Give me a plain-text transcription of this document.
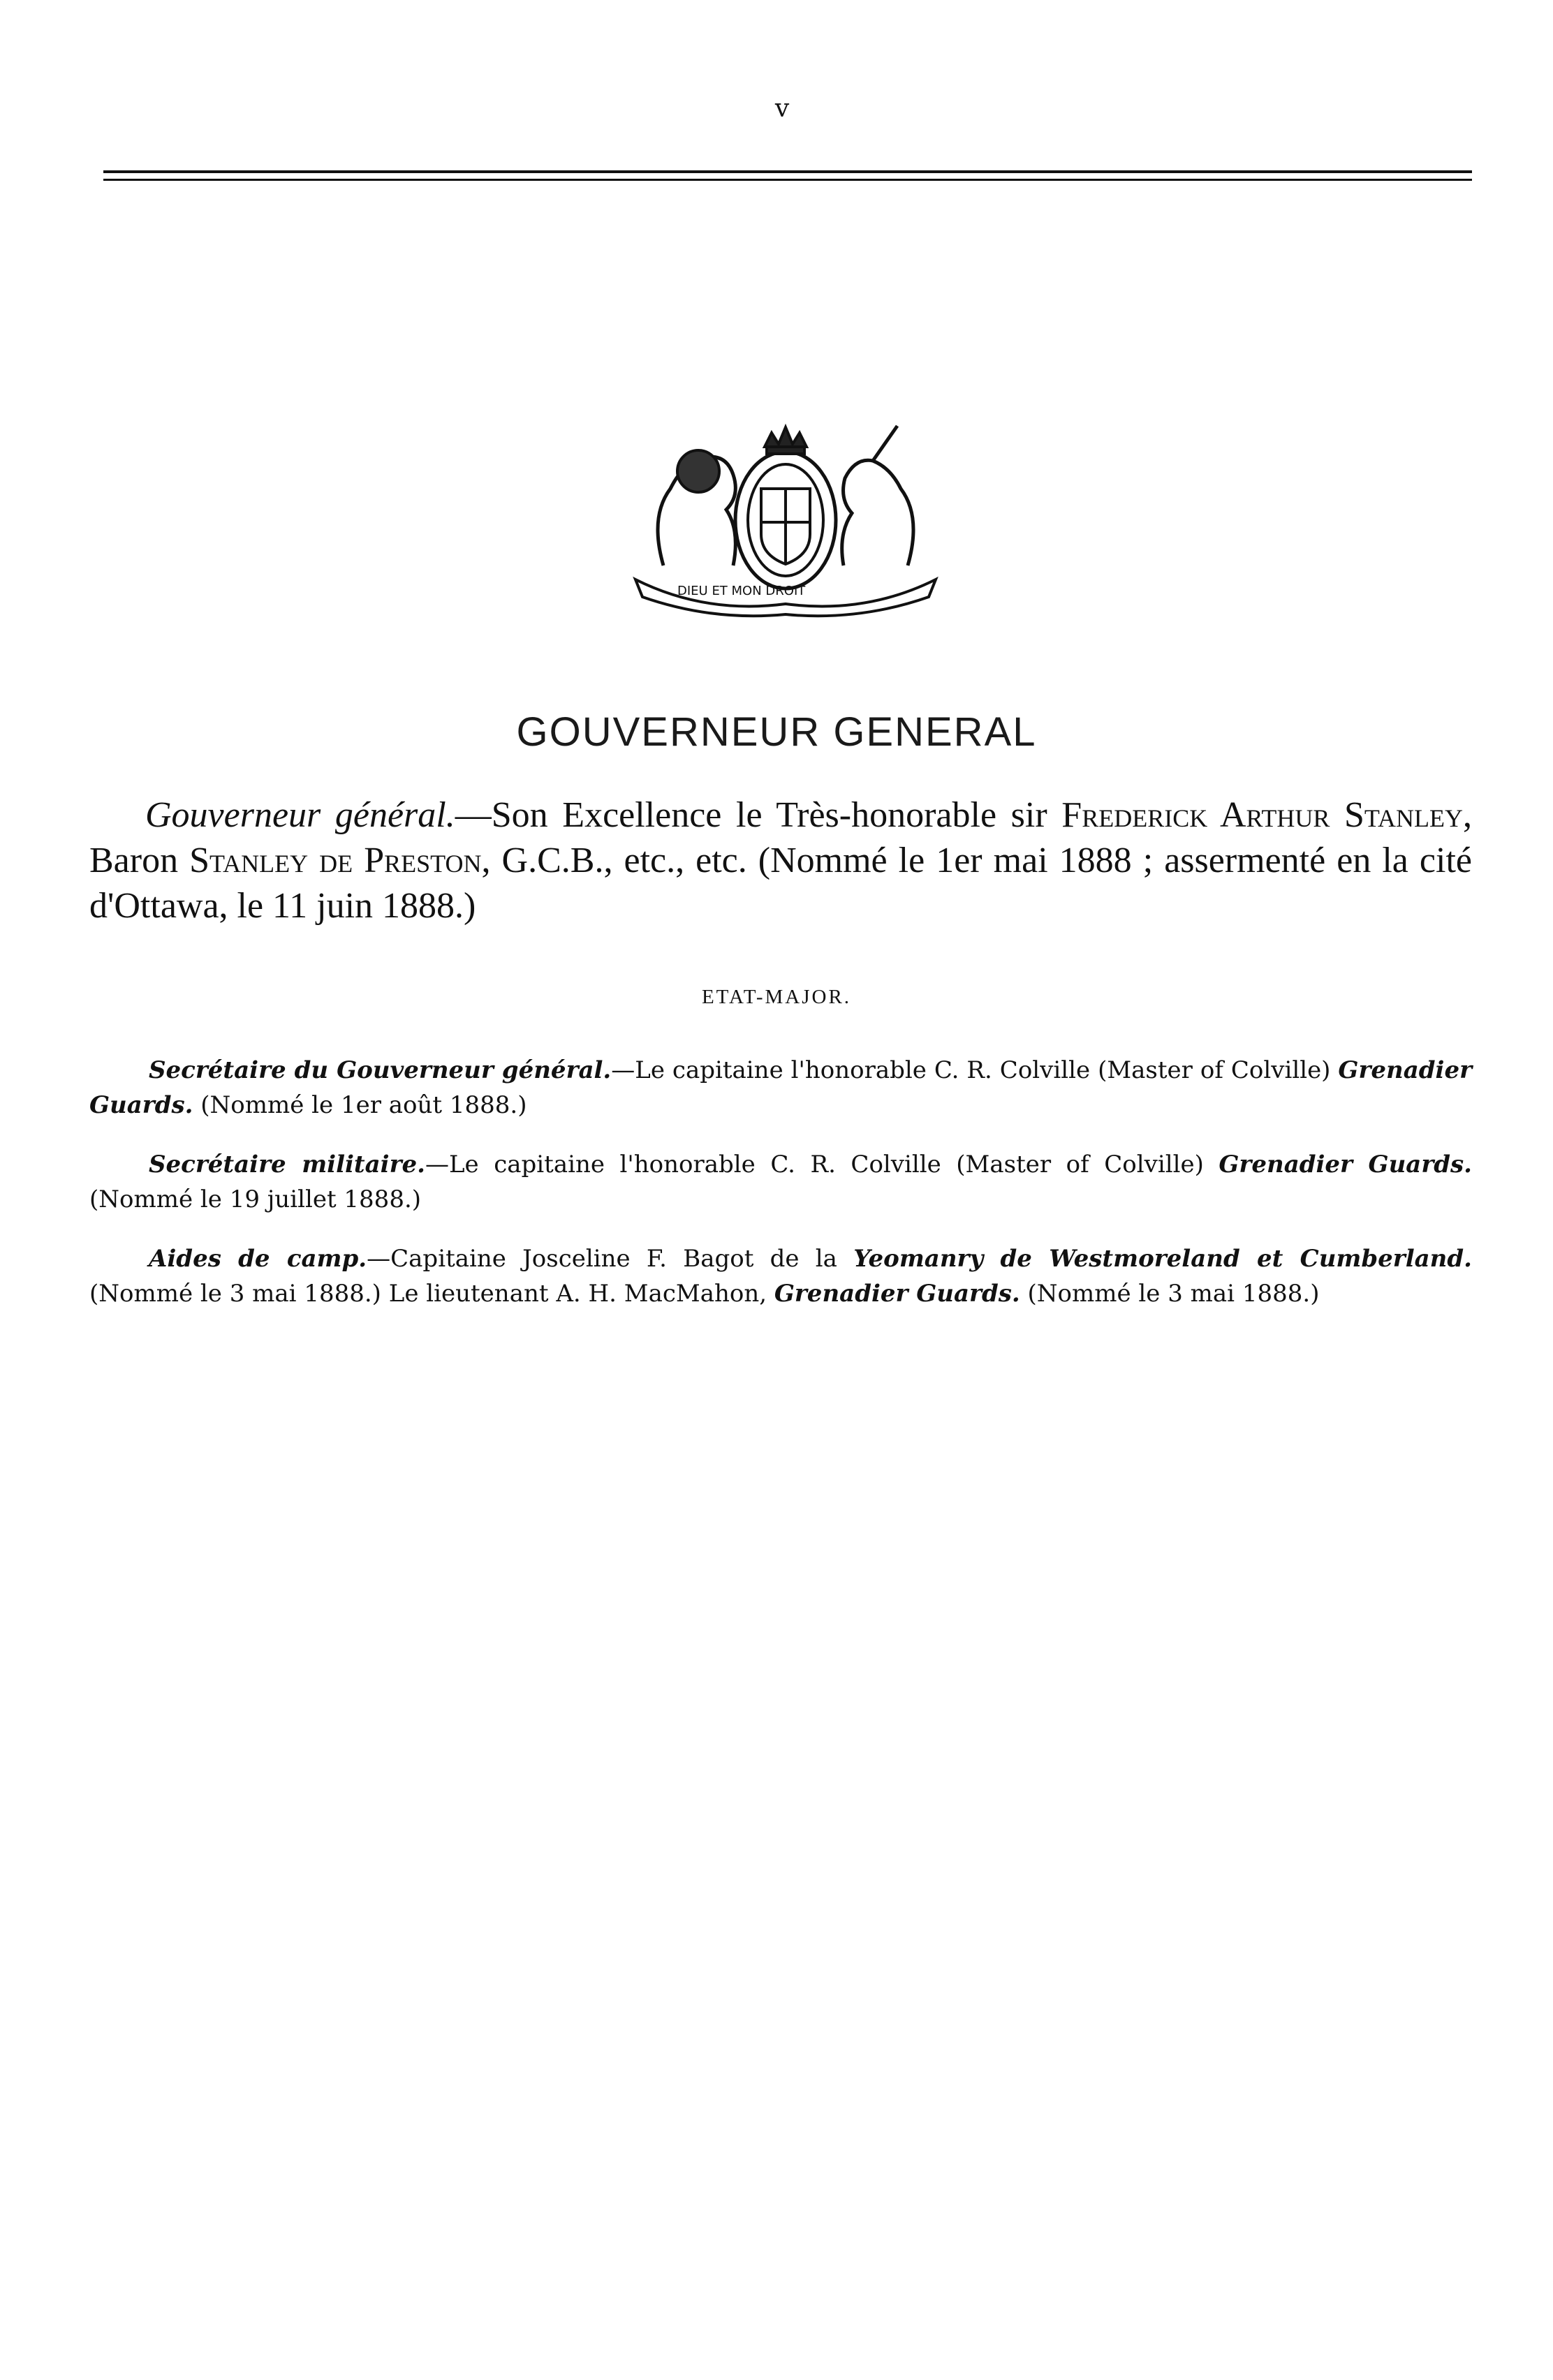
v
DIEU ET MON DROIT
GOUVERNEUR GENERAL

Gouverneur général.—Son Excellence le Très-honorable sir Frederick Arthur Stanley, Baron Stanley de Preston, G.C.B., etc., etc. (Nommé le 1er mai 1888 ; assermenté en la cité d'Ottawa, le 11 juin 1888.)

ETAT-MAJOR.

Secrétaire du Gouverneur général.—Le capitaine l'honorable C. R. Colville (Master of Colville) Grenadier Guards. (Nommé le 1er août 1888.)

Secrétaire militaire.—Le capitaine l'honorable C. R. Colville (Master of Colville) Grenadier Guards. (Nommé le 19 juillet 1888.)

Aides de camp.—Capitaine Josceline F. Bagot de la Yeomanry de Westmoreland et Cumberland. (Nommé le 3 mai 1888.) Le lieutenant A. H. MacMahon, Grenadier Guards. (Nommé le 3 mai 1888.)
